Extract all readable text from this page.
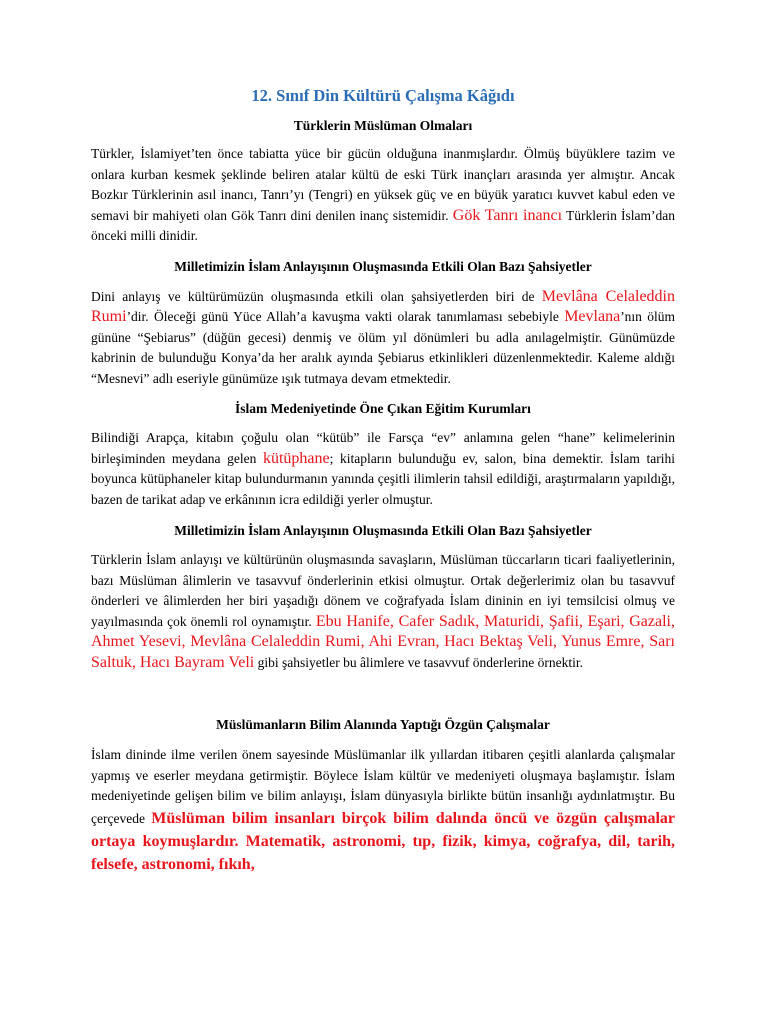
12. Sınıf Din Kültürü Çalışma Kâğıdı
Türklerin Müslüman Olmaları

Türkler, İslamiyet’ten önce tabiatta yüce bir gücün olduğuna inanmışlardır. Ölmüş büyüklere tazim ve onlara kurban kesmek şeklinde beliren atalar kültü de eski Türk inançları arasında yer almıştır. Ancak Bozkır Türklerinin asıl inancı, Tanrı’yı (Tengri) en yüksek güç ve en büyük yaratıcı kuvvet kabul eden ve semavi bir mahiyeti olan Gök Tanrı dini denilen inanç sistemidir. Gök Tanrı inancı Türklerin İslam’dan önceki milli dinidir.

Milletimizin İslam Anlayışının Oluşmasında Etkili Olan Bazı Şahsiyetler

Dini anlayış ve kültürümüzün oluşmasında etkili olan şahsiyetlerden biri de Mevlâna Celaleddin Rumi’dir. Öleceği günü Yüce Allah’a kavuşma vakti olarak tanımlaması sebebiyle Mevlana’nın ölüm gününe “Şebiarus” (düğün gecesi) denmiş ve ölüm yıl dönümleri bu adla anılagelmiştir. Günümüzde kabrinin de bulunduğu Konya’da her aralık ayında Şebiarus etkinlikleri düzenlenmektedir. Kaleme aldığı “Mesnevi” adlı eseriyle günümüze ışık tutmaya devam etmektedir.

İslam Medeniyetinde Öne Çıkan Eğitim Kurumları

Bilindiği Arapça, kitabın çoğulu olan “kütüb” ile Farsça “ev” anlamına gelen “hane” kelimelerinin birleşiminden meydana gelen kütüphane; kitapların bulunduğu ev, salon, bina demektir. İslam tarihi boyunca kütüphaneler kitap bulundurmanın yanında çeşitli ilimlerin tahsil edildiği, araştırmaların yapıldığı, bazen de tarikat adap ve erkânının icra edildiği yerler olmuştur.

Milletimizin İslam Anlayışının Oluşmasında Etkili Olan Bazı Şahsiyetler

Türklerin İslam anlayışı ve kültürünün oluşmasında savaşların, Müslüman tüccarların ticari faaliyetlerinin, bazı Müslüman âlimlerin ve tasavvuf önderlerinin etkisi olmuştur. Ortak değerlerimiz olan bu tasavvuf önderleri ve âlimlerden her biri yaşadığı dönem ve coğrafyada İslam dininin en iyi temsilcisi olmuş ve yayılmasında çok önemli rol oynamıştır. Ebu Hanife, Cafer Sadık, Maturidi, Şafii, Eşari, Gazali, Ahmet Yesevi, Mevlâna Celaleddin Rumi, Ahi Evran, Hacı Bektaş Veli, Yunus Emre, Sarı Saltuk, Hacı Bayram Veli gibi şahsiyetler bu âlimlere ve tasavvuf önderlerine örnektir.

Müslümanların Bilim Alanında Yaptığı Özgün Çalışmalar

İslam dininde ilme verilen önem sayesinde Müslümanlar ilk yıllardan itibaren çeşitli alanlarda çalışmalar yapmış ve eserler meydana getirmiştir. Böylece İslam kültür ve medeniyeti oluşmaya başlamıştır. İslam medeniyetinde gelişen bilim ve bilim anlayışı, İslam dünyasıyla birlikte bütün insanlığı aydınlatmıştır. Bu çerçevede Müslüman bilim insanları birçok bilim dalında öncü ve özgün çalışmalar ortaya koymuşlardır. Matematik, astronomi, tıp, fizik, kimya, coğrafya, dil, tarih, felsefe, astronomi, fıkıh,
